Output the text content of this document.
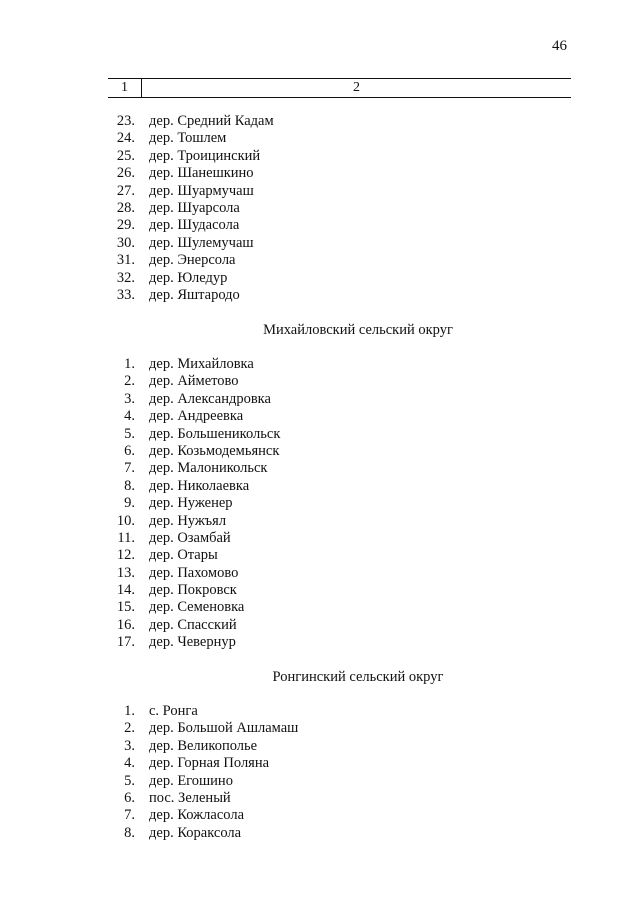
46
1	2
23. дер. Средний Кадам
24. дер. Тошлем
25. дер. Троицинский
26. дер. Шанешкино
27. дер. Шуармучаш
28. дер. Шуарсола
29. дер. Шудасола
30. дер. Шулемучаш
31. дер. Энерсола
32. дер. Юледур
33. дер. Яштародо
Михайловский сельский округ
1. дер. Михайловка
2. дер. Айметово
3. дер. Александровка
4. дер. Андреевка
5. дер. Большеникольск
6. дер. Козьмодемьянск
7. дер. Малоникольск
8. дер. Николаевка
9. дер. Нуженер
10. дер. Нужъял
11. дер. Озамбай
12. дер. Отары
13. дер. Пахомово
14. дер. Покровск
15. дер. Семеновка
16. дер. Спасский
17. дер. Чевернур
Ронгинский сельский округ
1. с. Ронга
2. дер. Большой Ашламаш
3. дер. Великополье
4. дер. Горная Поляна
5. дер. Егошино
6. пос. Зеленый
7. дер. Кожласола
8. дер. Кораксола
